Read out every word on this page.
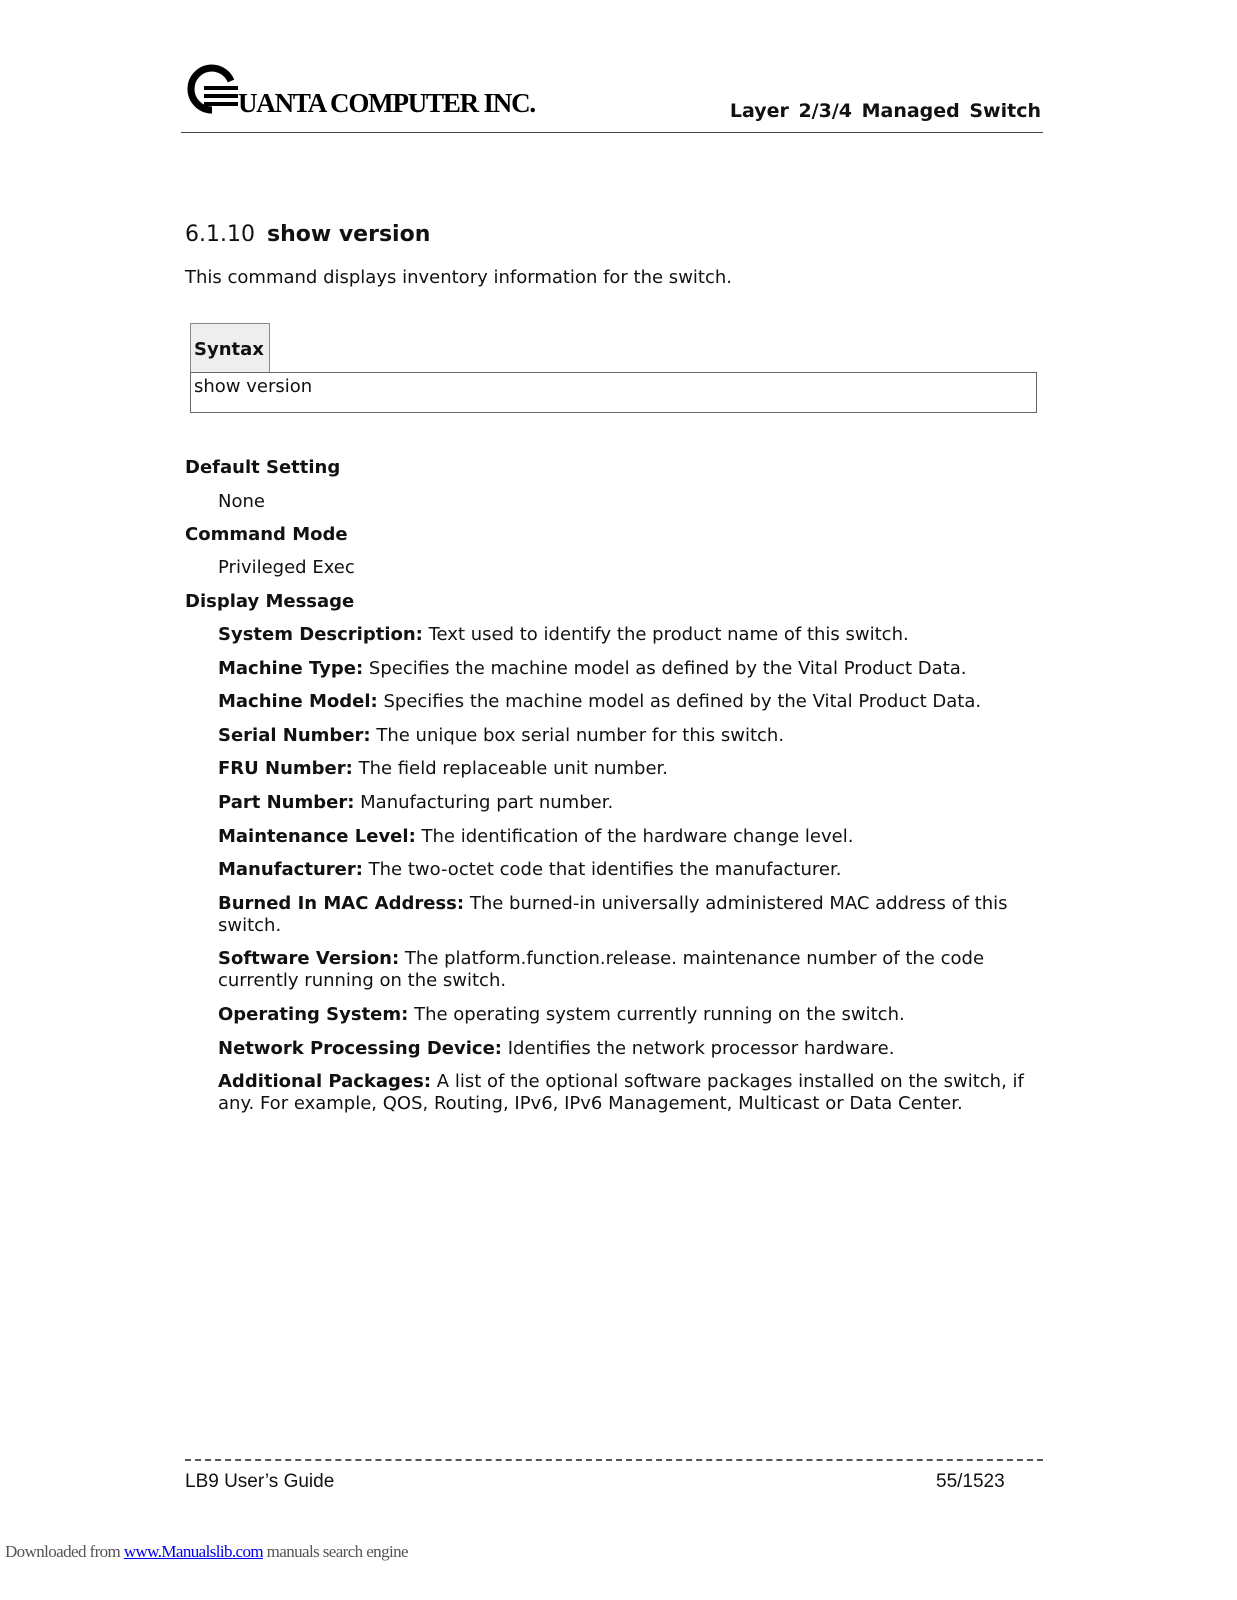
UANTA COMPUTER INC.	Layer 2/3/4 Managed Switch
6.1.10 show version
This command displays inventory information for the switch.
Syntax
show version
Default Setting
None
Command Mode
Privileged Exec
Display Message
System Description: Text used to identify the product name of this switch.
Machine Type: Specifies the machine model as defined by the Vital Product Data.
Machine Model: Specifies the machine model as defined by the Vital Product Data.
Serial Number: The unique box serial number for this switch.
FRU Number: The field replaceable unit number.
Part Number: Manufacturing part number.
Maintenance Level: The identification of the hardware change level.
Manufacturer: The two-octet code that identifies the manufacturer.
Burned In MAC Address: The burned-in universally administered MAC address of this switch.
Software Version: The platform.function.release. maintenance number of the code currently running on the switch.
Operating System: The operating system currently running on the switch.
Network Processing Device: Identifies the network processor hardware.
Additional Packages: A list of the optional software packages installed on the switch, if any. For example, QOS, Routing, IPv6, IPv6 Management, Multicast or Data Center.
LB9 User’s Guide	55/1523
Downloaded from www.Manualslib.com manuals search engine
